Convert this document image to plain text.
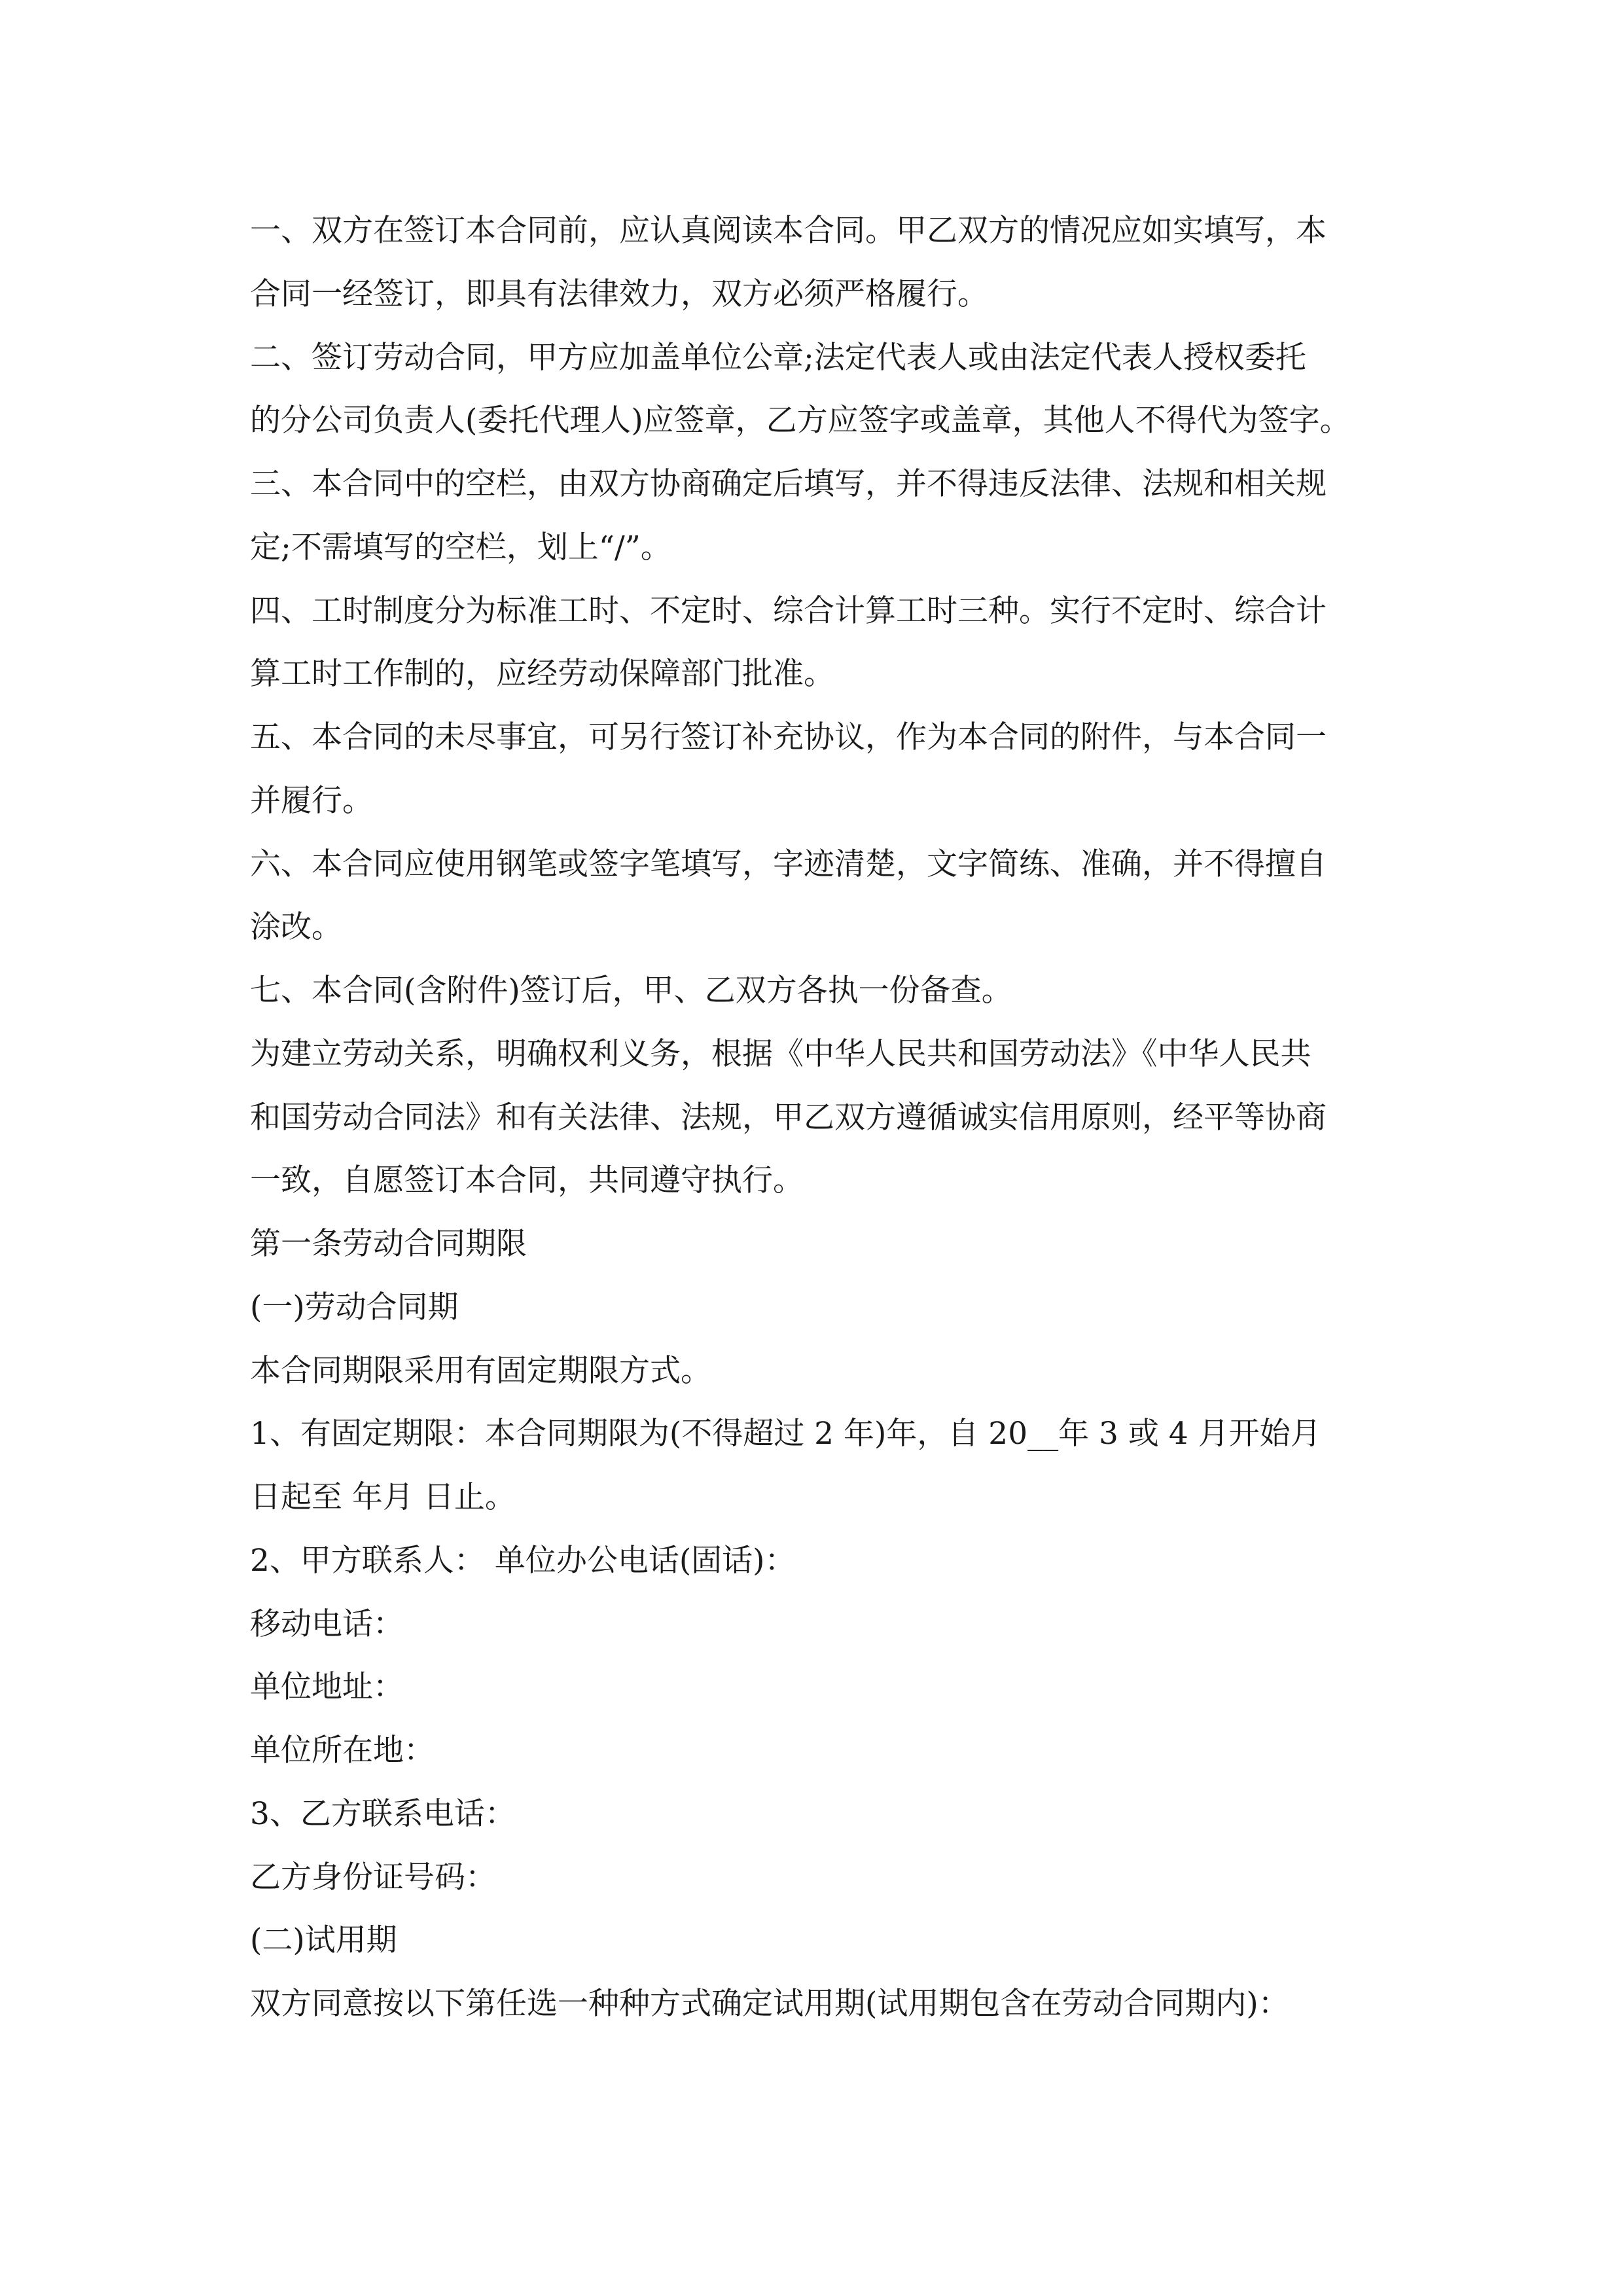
一、双方在签订本合同前，应认真阅读本合同。甲乙双方的情况应如实填写，本
合同一经签订，即具有法律效力，双方必须严格履行。
二、签订劳动合同，甲方应加盖单位公章;法定代表人或由法定代表人授权委托
的分公司负责人(委托代理人)应签章，乙方应签字或盖章，其他人不得代为签字。
三、本合同中的空栏，由双方协商确定后填写，并不得违反法律、法规和相关规
定;不需填写的空栏，划上“/”。
四、工时制度分为标准工时、不定时、综合计算工时三种。实行不定时、综合计
算工时工作制的，应经劳动保障部门批准。
五、本合同的未尽事宜，可另行签订补充协议，作为本合同的附件，与本合同一
并履行。
六、本合同应使用钢笔或签字笔填写，字迹清楚，文字简练、准确，并不得擅自
涂改。
七、本合同(含附件)签订后，甲、乙双方各执一份备查。
为建立劳动关系，明确权利义务，根据《中华人民共和国劳动法》《中华人民共
和国劳动合同法》和有关法律、法规，甲乙双方遵循诚实信用原则，经平等协商
一致，自愿签订本合同，共同遵守执行。
第一条劳动合同期限
(一)劳动合同期
本合同期限采用有固定期限方式。
1、有固定期限：本合同期限为(不得超过 2 年)年，自 20__年 3 或 4 月开始月
日起至 年月 日止。
2、甲方联系人： 单位办公电话(固话)：
移动电话：
单位地址：
单位所在地：
3、乙方联系电话：
乙方身份证号码：
(二)试用期
双方同意按以下第任选一种种方式确定试用期(试用期包含在劳动合同期内)：
